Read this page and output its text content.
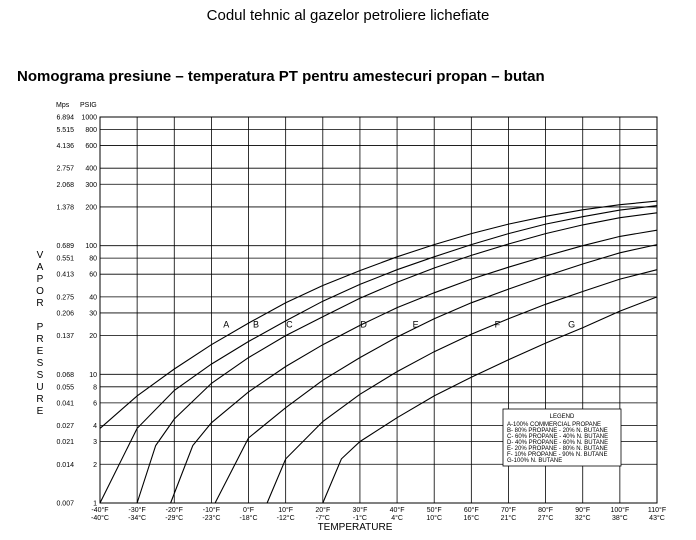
Codul tehnic al gazelor petroliere lichefiate
Nomograma presiune – temperatura PT pentru amestecuri propan – butan
A	B	C	D	E	F	G
6.894 1000
5.515 800
4.136 600
2.757 400
2.068 300
1.378 200
0.689 100
0.551 80
0.413 60
0.275 40
0.206 30
0.137 20
0.068 10
0.055	8
0.041	6
0.027	4
0.021	3
0.014	2
0.007	1
-40°F
-40°C
-30°F
-34°C
-20°F
-29°C
-10°F
-23°C
0°F
-18°C
10°F
-12°C
20°F
-7°C
30°F
-1°C
40°F
4°C
50°F
10°C
60°F
16°C
70°F
21°C
80°F
27°C
90°F
32°C
100°F
38°C
110°F
43°C
Mps PSIG
V
A
P
O
R
P
R
E
S
S
U
R
E
TEMPERATURE
LEGEND
A-100% COMMERCIAL PROPANE
B- 80% PROPANE - 20% N. BUTANE
C- 60% PROPANE - 40% N. BUTANE
D- 40% PROPANE - 60% N. BUTANE
E- 20% PROPANE - 80% N. BUTANE
F- 10% PROPANE - 90% N. BUTANE
G-100% N. BUTANE
